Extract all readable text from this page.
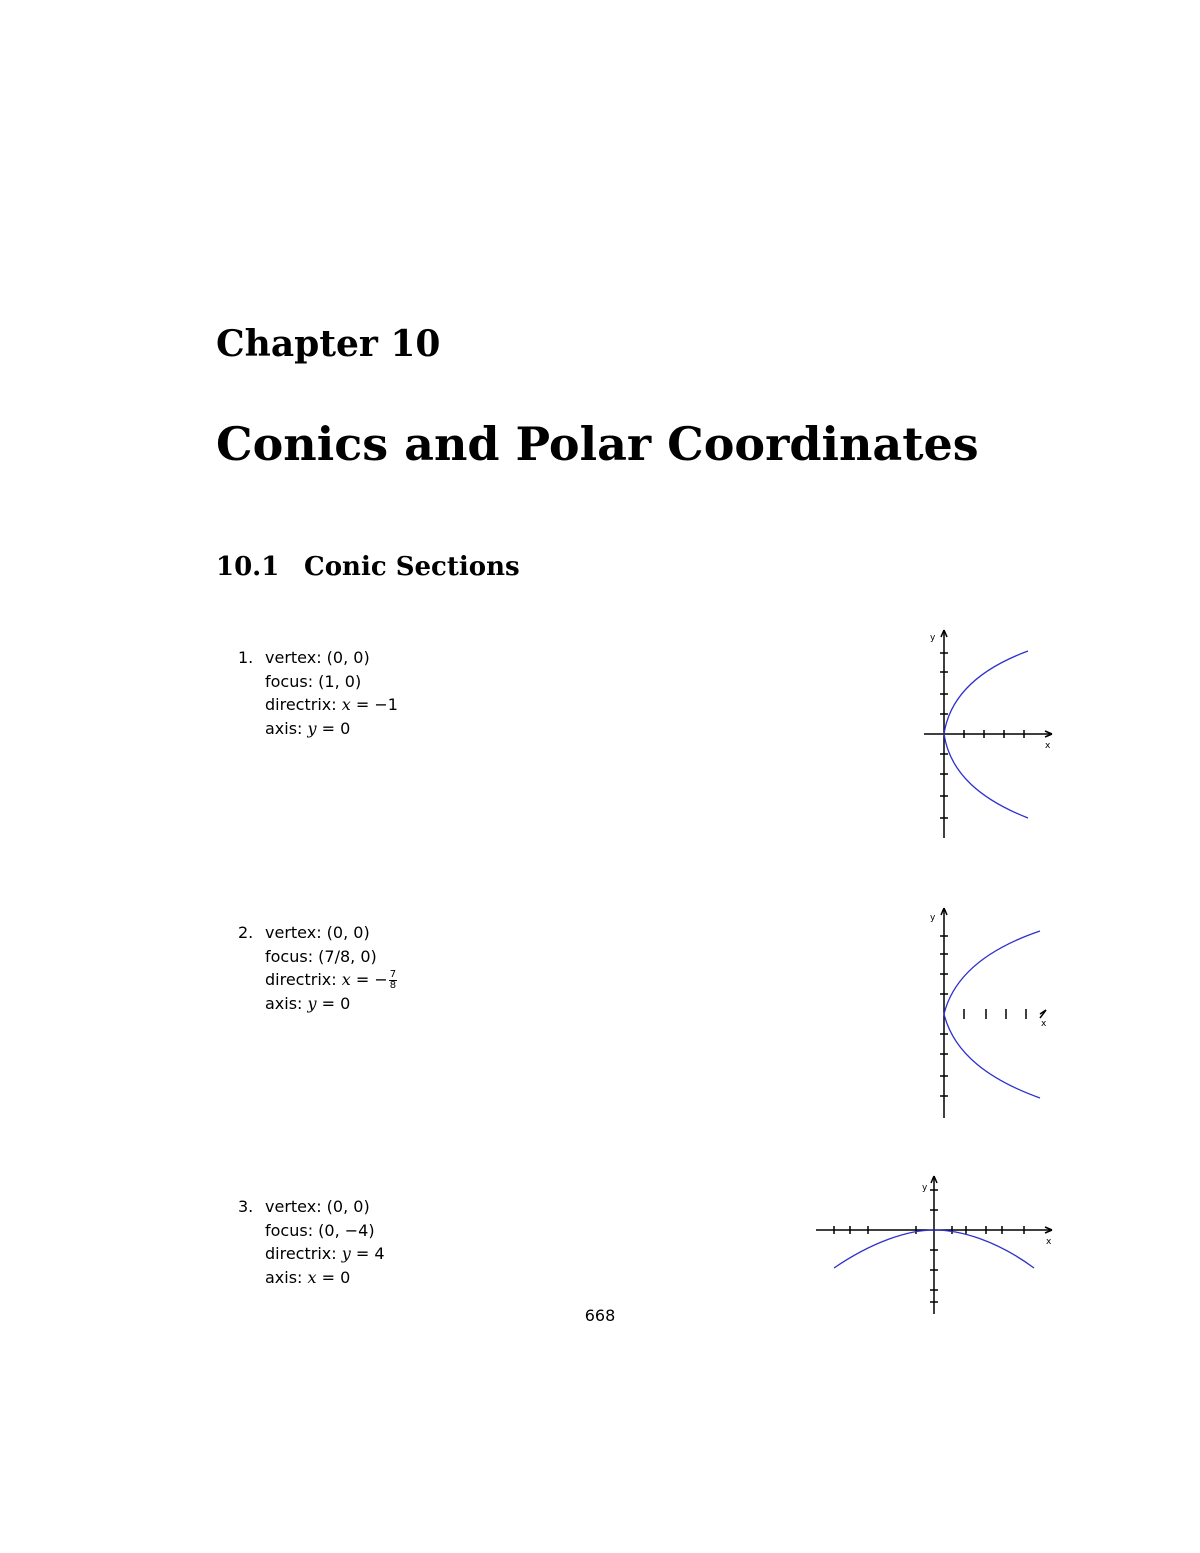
Chapter 10
Conics and Polar Coordinates
10.1 Conic Sections
1. vertex: (0, 0)
focus: (1, 0)
directrix: x = −1
axis: y = 0
y
x
2. vertex: (0, 0)
focus: (7/8, 0)
directrix: x = − $\frac{7}{8}$
axis: y = 0
y
x
3. vertex: (0, 0)
focus: (0, −4)
directrix: y = 4
axis: x = 0
y
x
668
